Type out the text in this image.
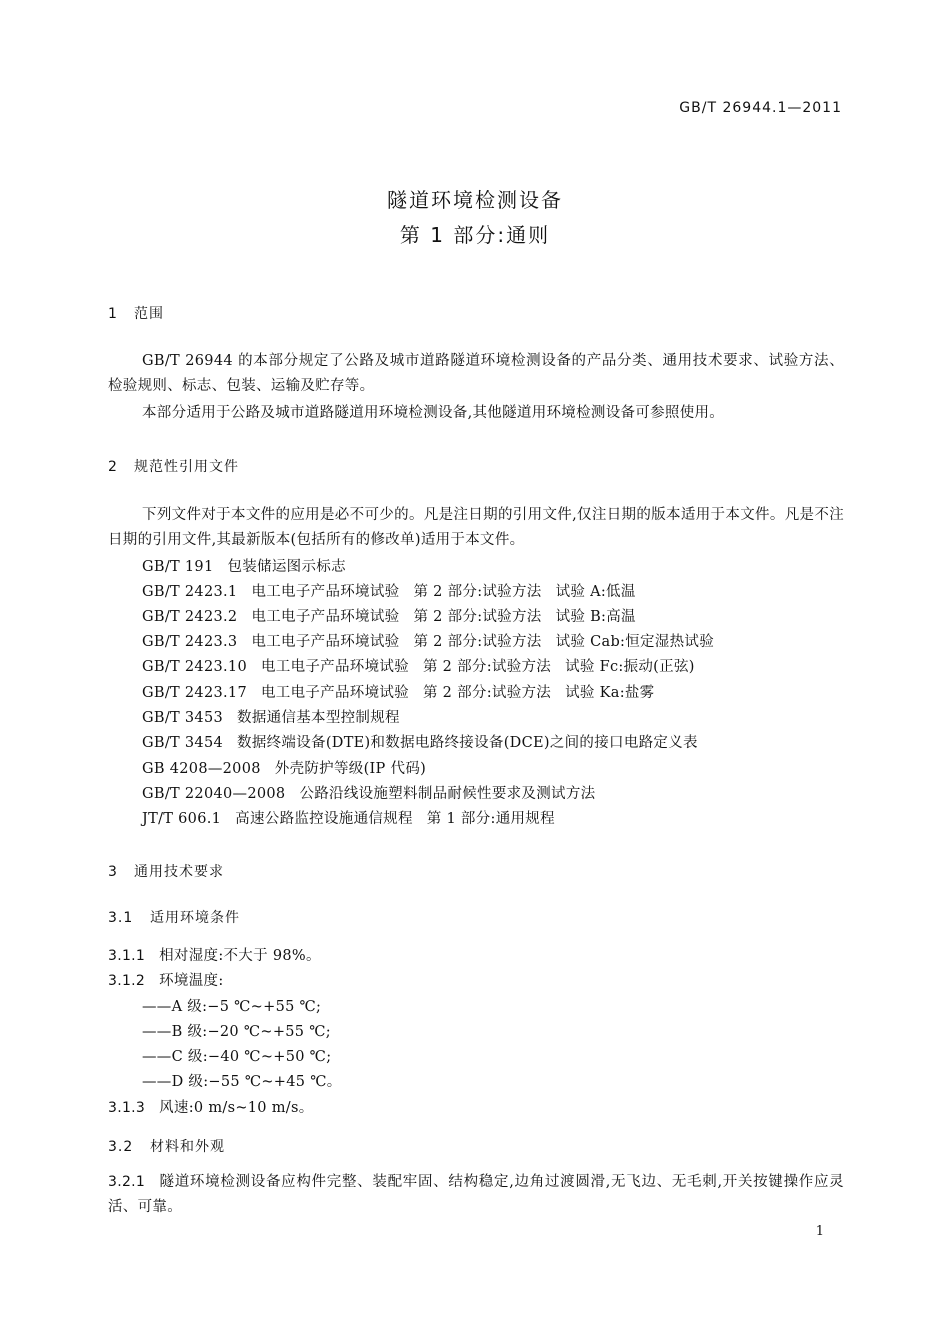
GB/T 26944.1—2011
隧道环境检测设备
第 1 部分:通则
1 范围
GB/T 26944 的本部分规定了公路及城市道路隧道环境检测设备的产品分类、通用技术要求、试验方法、检验规则、标志、包装、运输及贮存等。
本部分适用于公路及城市道路隧道用环境检测设备,其他隧道用环境检测设备可参照使用。
2 规范性引用文件
下列文件对于本文件的应用是必不可少的。凡是注日期的引用文件,仅注日期的版本适用于本文件。凡是不注日期的引用文件,其最新版本(包括所有的修改单)适用于本文件。
GB/T 191 包装储运图示标志
GB/T 2423.1 电工电子产品环境试验 第 2 部分:试验方法 试验 A:低温
GB/T 2423.2 电工电子产品环境试验 第 2 部分:试验方法 试验 B:高温
GB/T 2423.3 电工电子产品环境试验 第 2 部分:试验方法 试验 Cab:恒定湿热试验
GB/T 2423.10 电工电子产品环境试验 第 2 部分:试验方法 试验 Fc:振动(正弦)
GB/T 2423.17 电工电子产品环境试验 第 2 部分:试验方法 试验 Ka:盐雾
GB/T 3453 数据通信基本型控制规程
GB/T 3454 数据终端设备(DTE)和数据电路终接设备(DCE)之间的接口电路定义表
GB 4208—2008 外壳防护等级(IP 代码)
GB/T 22040—2008 公路沿线设施塑料制品耐候性要求及测试方法
JT/T 606.1 高速公路监控设施通信规程 第 1 部分:通用规程
3 通用技术要求
3.1 适用环境条件
3.1.1 相对湿度:不大于 98%。
3.1.2 环境温度:
——A 级:−5 ℃~+55 ℃;
——B 级:−20 ℃~+55 ℃;
——C 级:−40 ℃~+50 ℃;
——D 级:−55 ℃~+45 ℃。
3.1.3 风速:0 m/s~10 m/s。
3.2 材料和外观
3.2.1 隧道环境检测设备应构件完整、装配牢固、结构稳定,边角过渡圆滑,无飞边、无毛刺,开关按键操作应灵活、可靠。
1
